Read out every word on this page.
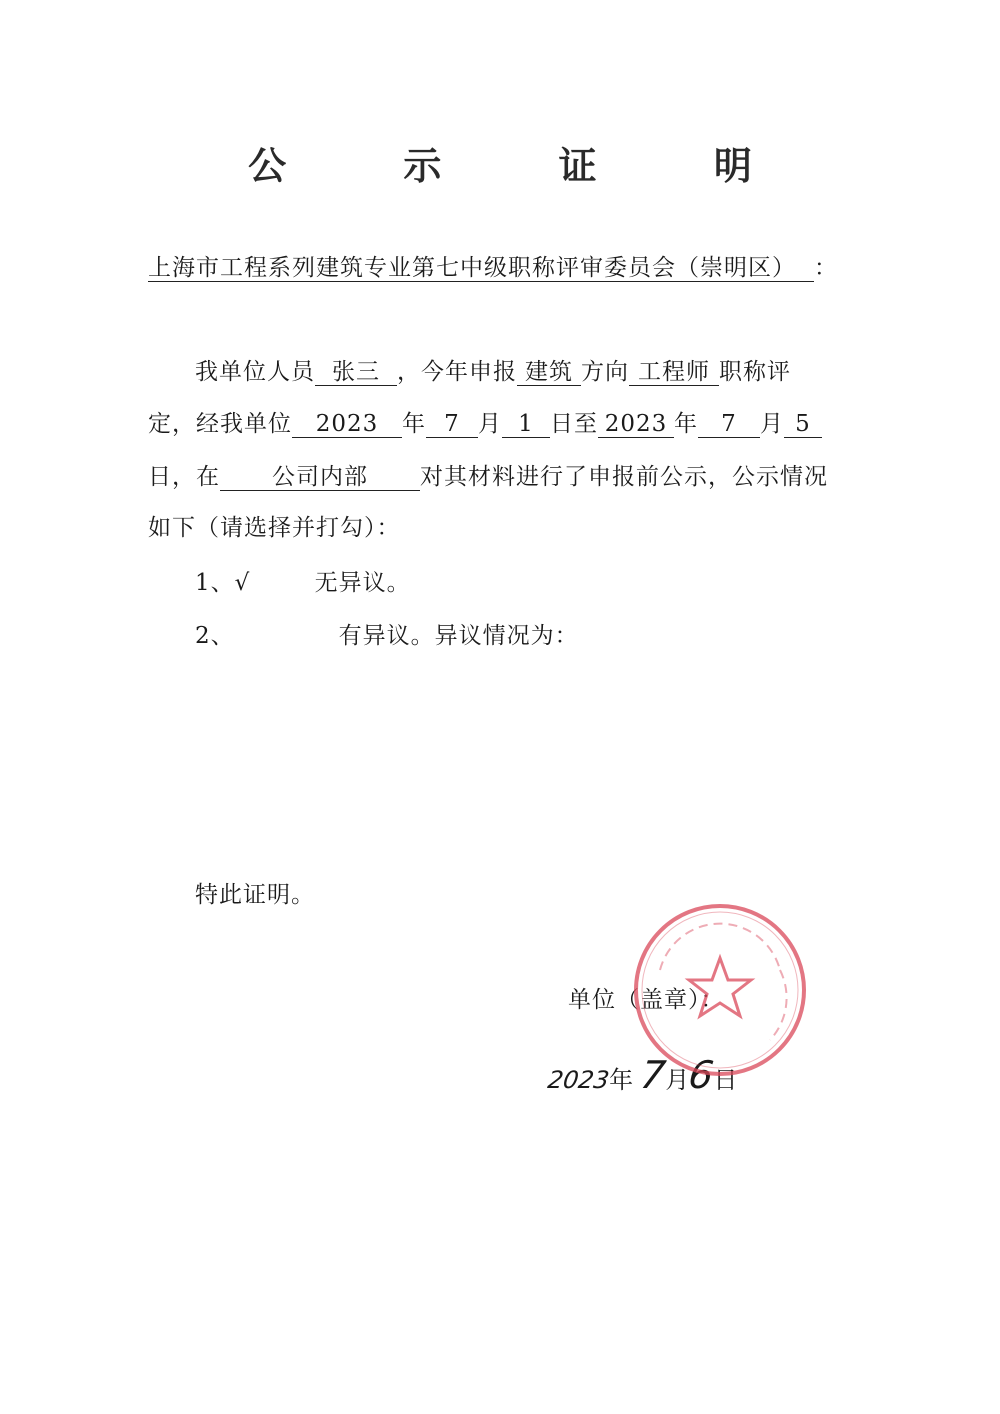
公 示 证 明
上海市工程系列建筑专业第七中级职称评审委员会（崇明区） ：
我单位人员 张三 ，今年申报 建筑 方向 工程师 职称评
定，经我单位 2023 年 7 月 1 日至 2023 年 7 月 5
日，在 公司内部 对其材料进行了申报前公示，公示情况
如下（请选择并打勾）：
1、√	无异议。
2、	有异议。异议情况为：
特此证明。
单位（盖章）：
2023年 7月6日
